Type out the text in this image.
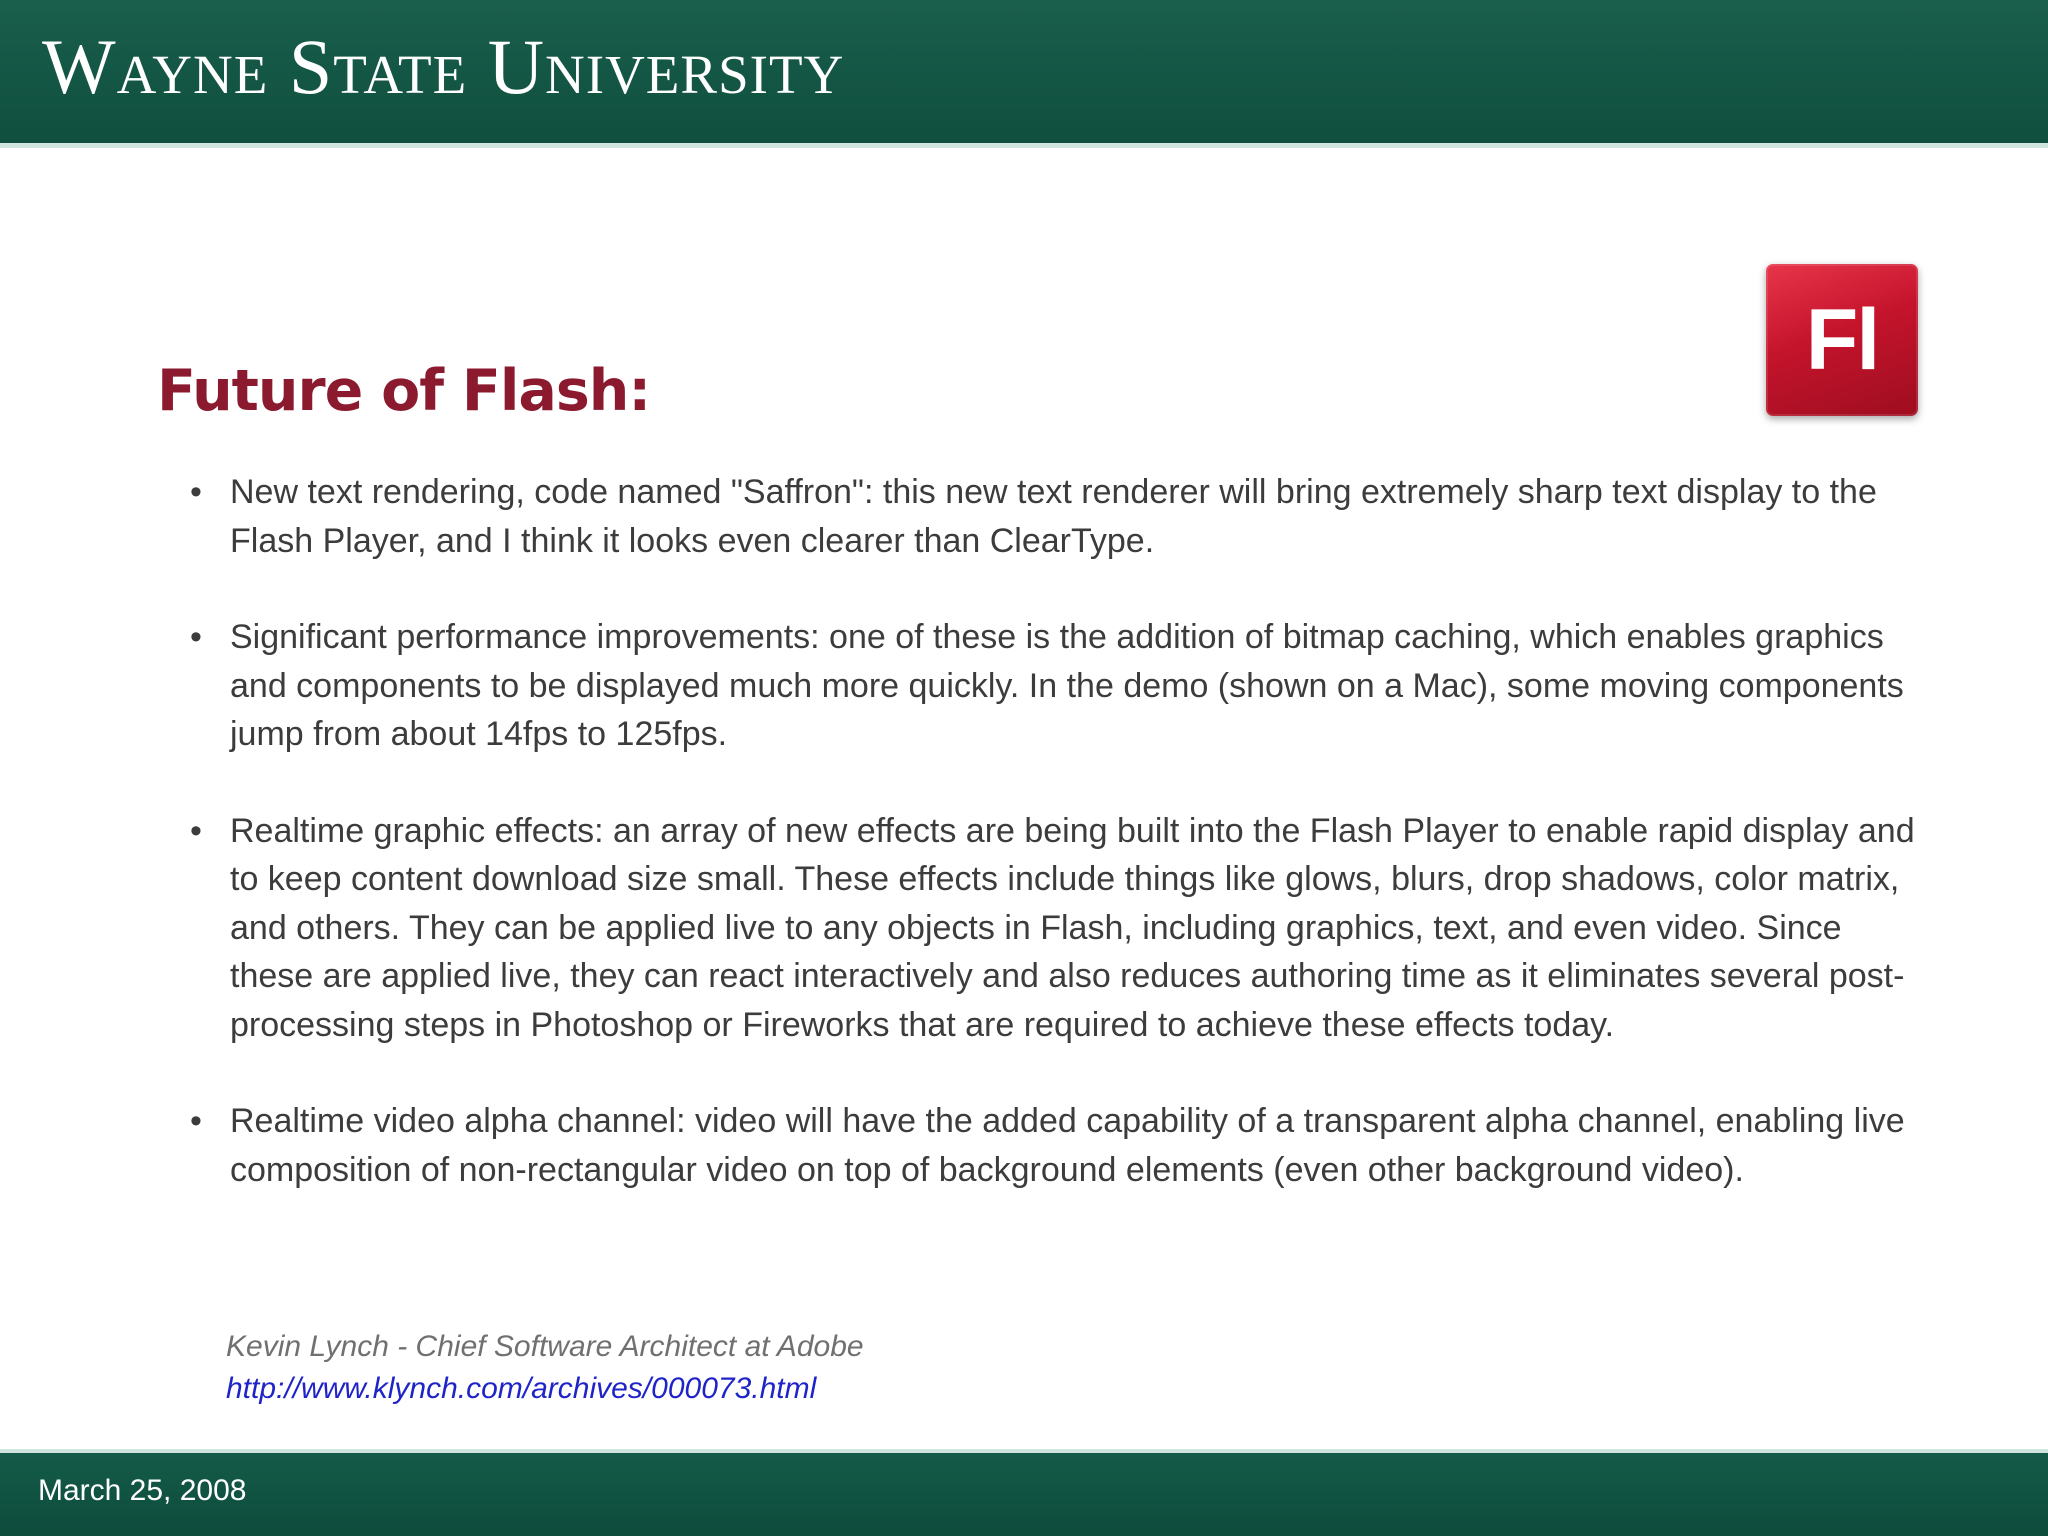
Wayne State University
Fl
Future of Flash:
• New text rendering, code named "Saffron": this new text renderer will bring extremely sharp text display to the Flash Player, and I think it looks even clearer than ClearType.
• Significant performance improvements: one of these is the addition of bitmap caching, which enables graphics and components to be displayed much more quickly. In the demo (shown on a Mac), some moving components jump from about 14fps to 125fps.
• Realtime graphic effects: an array of new effects are being built into the Flash Player to enable rapid display and to keep content download size small. These effects include things like glows, blurs, drop shadows, color matrix, and others. They can be applied live to any objects in Flash, including graphics, text, and even video. Since these are applied live, they can react interactively and also reduces authoring time as it eliminates several post-processing steps in Photoshop or Fireworks that are required to achieve these effects today.
• Realtime video alpha channel: video will have the added capability of a transparent alpha channel, enabling live composition of non-rectangular video on top of background elements (even other background video).
Kevin Lynch - Chief Software Architect at Adobe
http://www.klynch.com/archives/000073.html
March 25, 2008
